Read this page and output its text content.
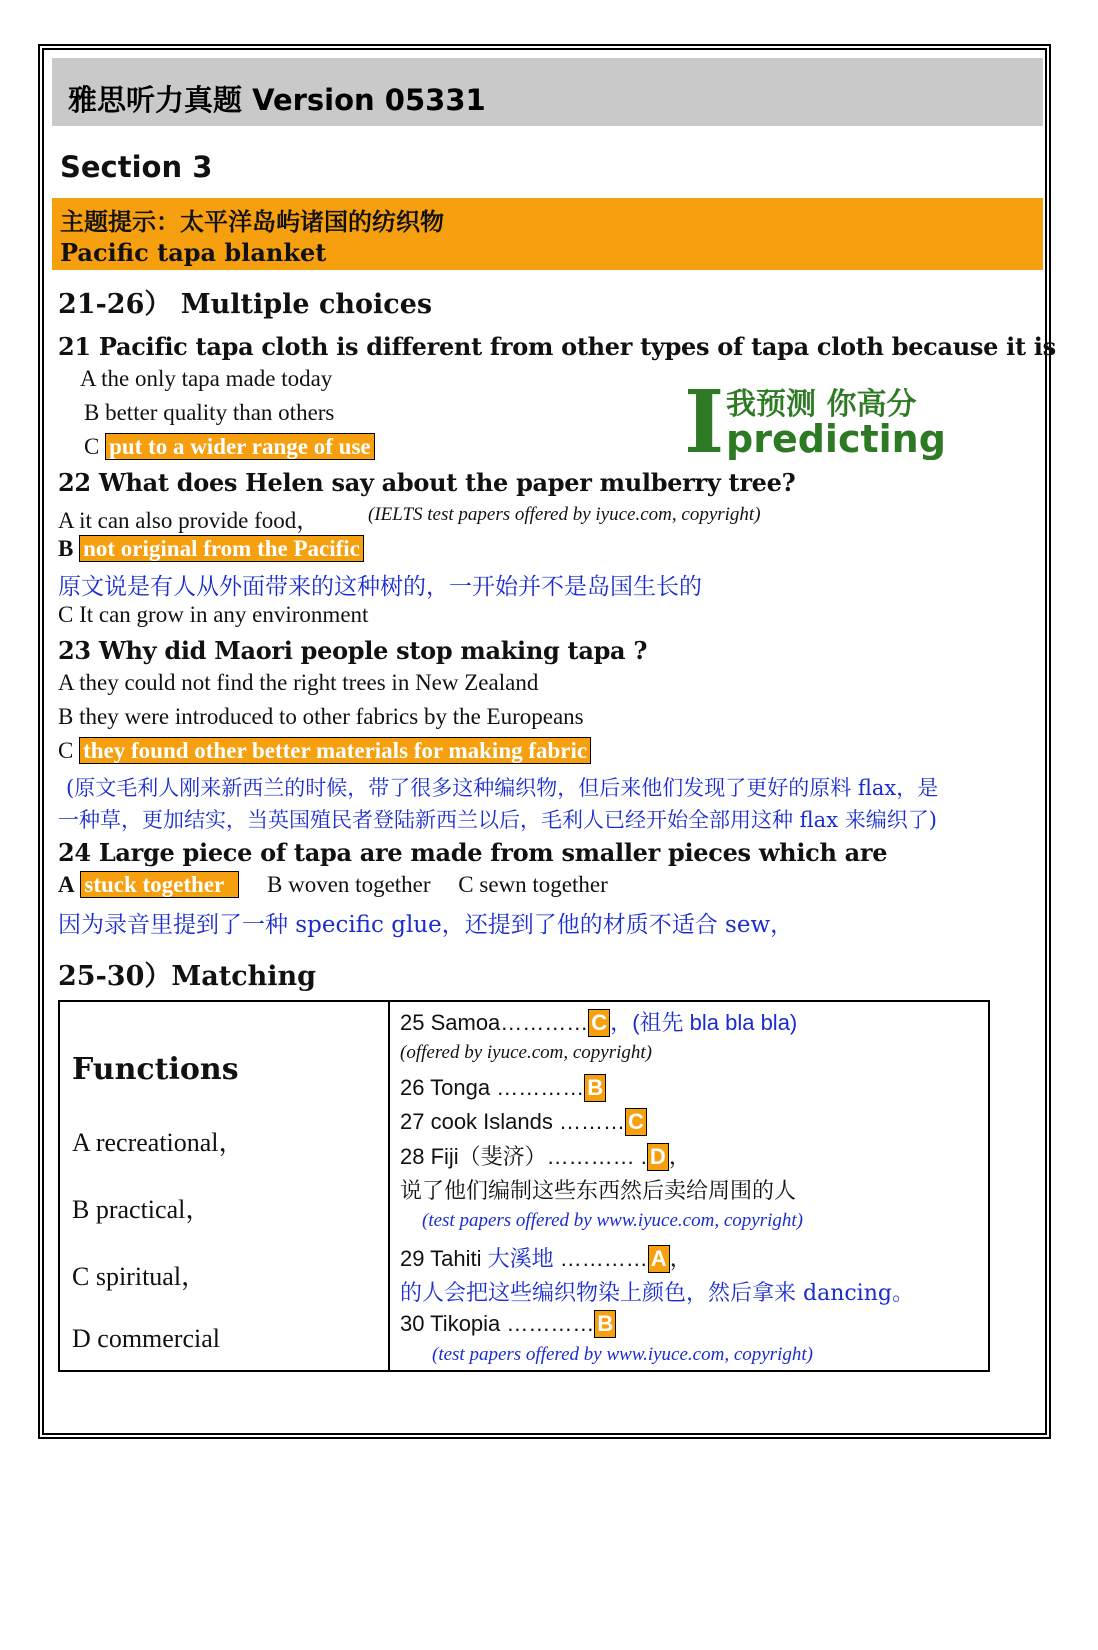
雅思听力真题 Version 05331
Section 3
主题提示：太平洋岛屿诸国的纺织物
Pacific tapa blanket
21-26） Multiple choices
21 Pacific tapa cloth is different from other types of tapa cloth because it is
A the only tapa made today
B better quality than others
C put to a wider range of use	I 我预测 你高分
predicting
22 What does Helen say about the paper mulberry tree?
A it can also provide food，	(IELTS test papers offered by iyuce.com, copyright)
B not original from the Pacific
原文说是有人从外面带来的这种树的，一开始并不是岛国生长的
C It can grow in any environment
23 Why did Maori people stop making tapa ?
A they could not find the right trees in New Zealand
B they were introduced to other fabrics by the Europeans
C they found other better materials for making fabric
(原文毛利人刚来新西兰的时候，带了很多这种编织物，但后来他们发现了更好的原料 flax，是
一种草，更加结实，当英国殖民者登陆新西兰以后，毛利人已经开始全部用这种 flax 来编织了)
24 Large piece of tapa are made from smaller pieces which are
A stuck together B woven together C sewn together
因为录音里提到了一种 specific glue，还提到了他的材质不适合 sew，
25-30）Matching
Functions
A recreational，
B practical，
C spiritual，
D commercial
25 Samoa………… C ，(祖先 bla bla bla)
(offered by iyuce.com, copyright)
26 Tonga ………… B
27 cook Islands ……… C
28 Fiji（斐济）………… . D ，
说了他们编制这些东西然后卖给周围的人
(test papers offered by www.iyuce.com, copyright)
29 Tahiti 大溪地 ………… A ，
的人会把这些编织物染上颜色，然后拿来 dancing。
30 Tikopia ………… B
(test papers offered by www.iyuce.com, copyright)
